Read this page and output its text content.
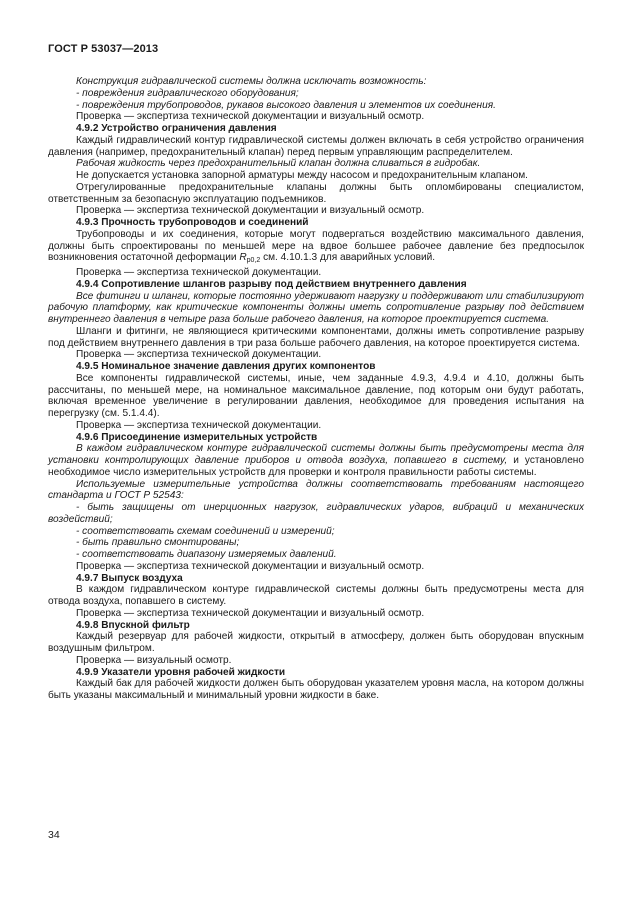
ГОСТ Р 53037—2013

Конструкция гидравлической системы должна исключать возможность:

- повреждения гидравлического оборудования;

- повреждения трубопроводов, рукавов высокого давления и элементов их соединения.

Проверка — экспертиза технической документации и визуальный осмотр.

4.9.2 Устройство ограничения давления

Каждый гидравлический контур гидравлической системы должен включать в себя устройство ограничения давления (например, предохранительный клапан) перед первым управляющим распределителем.

Рабочая жидкость через предохранительный клапан должна сливаться в гидробак.

Не допускается установка запорной арматуры между насосом и предохранительным клапаном.

Отрегулированные предохранительные клапаны должны быть опломбированы специалистом, ответственным за безопасную эксплуатацию подъемников.

Проверка — экспертиза технической документации и визуальный осмотр.

4.9.3 Прочность трубопроводов и соединений

Трубопроводы и их соединения, которые могут подвергаться воздействию максимального давления, должны быть спроектированы по меньшей мере на вдвое большее рабочее давление без предпосылок возникновения остаточной деформации $R_{p0,2}$ см. 4.10.1.3 для аварийных условий.

Проверка — экспертиза технической документации.

4.9.4 Сопротивление шлангов разрыву под действием внутреннего давления

Все фитинги и шланги, которые постоянно удерживают нагрузку и поддерживают или стабилизируют рабочую платформу, как критические компоненты должны иметь сопротивление разрыву под действием внутреннего давления в четыре раза больше рабочего давления, на которое проектируется система.

Шланги и фитинги, не являющиеся критическими компонентами, должны иметь сопротивление разрыву под действием внутреннего давления в три раза больше рабочего давления, на которое проектируется система.

Проверка — экспертиза технической документации.

4.9.5 Номинальное значение давления других компонентов

Все компоненты гидравлической системы, иные, чем заданные 4.9.3, 4.9.4 и 4.10, должны быть рассчитаны, по меньшей мере, на номинальное максимальное давление, под которым они будут работать, включая временное увеличение в регулировании давления, необходимое для проведения испытания на перегрузку (см. 5.1.4.4).

Проверка — экспертиза технической документации.

4.9.6 Присоединение измерительных устройств

В каждом гидравлическом контуре гидравлической системы должны быть предусмотрены места для установки контролирующих давление приборов и отвода воздуха, попавшего в систему, и установлено необходимое число измерительных устройств для проверки и контроля правильности работы системы.

Используемые измерительные устройства должны соответствовать требованиям настоящего стандарта и ГОСТ Р 52543:

- быть защищены от инерционных нагрузок, гидравлических ударов, вибраций и механических воздействий;

- соответствовать схемам соединений и измерений;

- быть правильно смонтированы;

- соответствовать диапазону измеряемых давлений.

Проверка — экспертиза технической документации и визуальный осмотр.

4.9.7 Выпуск воздуха

В каждом гидравлическом контуре гидравлической системы должны быть предусмотрены места для отвода воздуха, попавшего в систему.

Проверка — экспертиза технической документации и визуальный осмотр.

4.9.8 Впускной фильтр

Каждый резервуар для рабочей жидкости, открытый в атмосферу, должен быть оборудован впускным воздушным фильтром.

Проверка — визуальный осмотр.

4.9.9 Указатели уровня рабочей жидкости

Каждый бак для рабочей жидкости должен быть оборудован указателем уровня масла, на котором должны быть указаны максимальный и минимальный уровни жидкости в баке.

34
